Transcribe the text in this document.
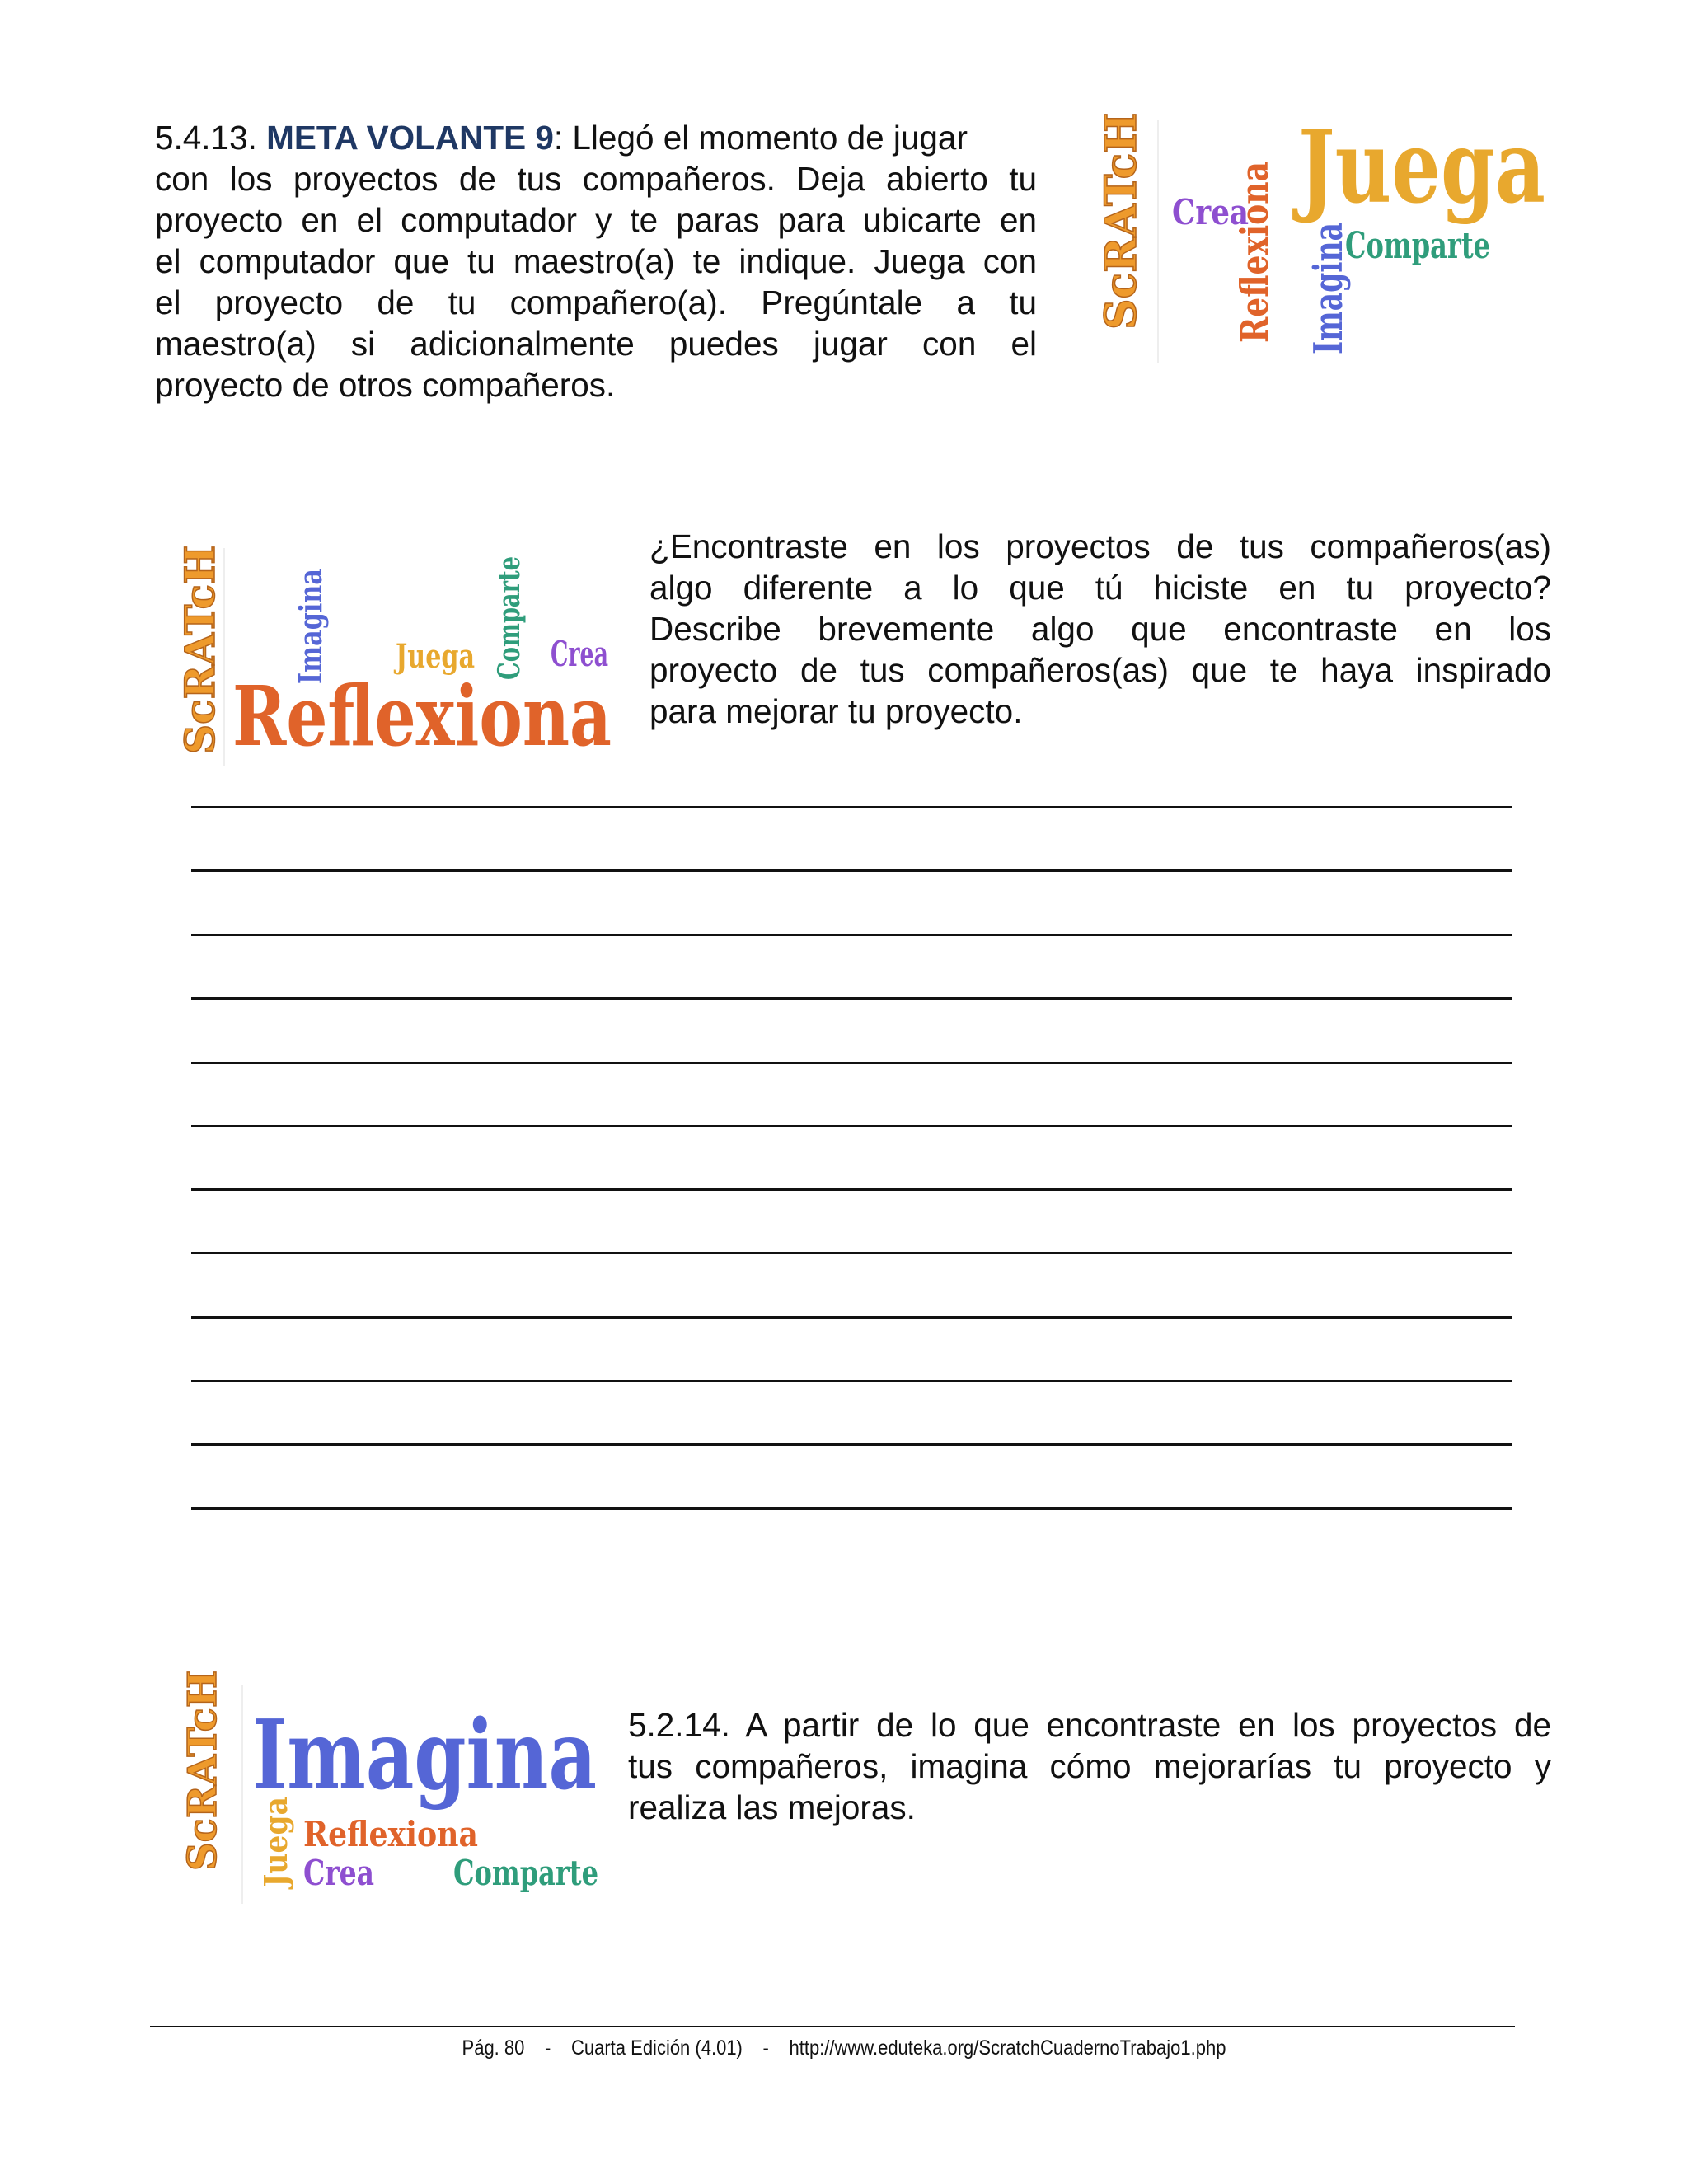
5.4.13. META VOLANTE 9: Llegó el momento de jugar
con los proyectos de tus compañeros. Deja abierto tu
proyecto en el computador y te paras para ubicarte en
el computador que tu maestro(a) te indique. Juega con
el proyecto de tu compañero(a). Pregúntale a tu
maestro(a) si adicionalmente puedes jugar con el
proyecto de otros compañeros.
ScRATcH Crea
Reflexiona Juega
Imagina
Comparte
ScRATcH Imagina Juega Comparte Crea
Reflexiona
¿Encontraste en los proyectos de tus compañeros(as)
algo diferente a lo que tú hiciste en tu proyecto?
Describe brevemente algo que encontraste en los
proyecto de tus compañeros(as) que te haya inspirado
para mejorar tu proyecto.
ScRATcH Imagina
Juega Reflexiona
Crea Comparte
5.2.14. A partir de lo que encontraste en los proyectos de
tus compañeros, imagina cómo mejorarías tu proyecto y
realiza las mejoras.
Pág. 80 - Cuarta Edición (4.01) - http://www.eduteka.org/ScratchCuadernoTrabajo1.php
